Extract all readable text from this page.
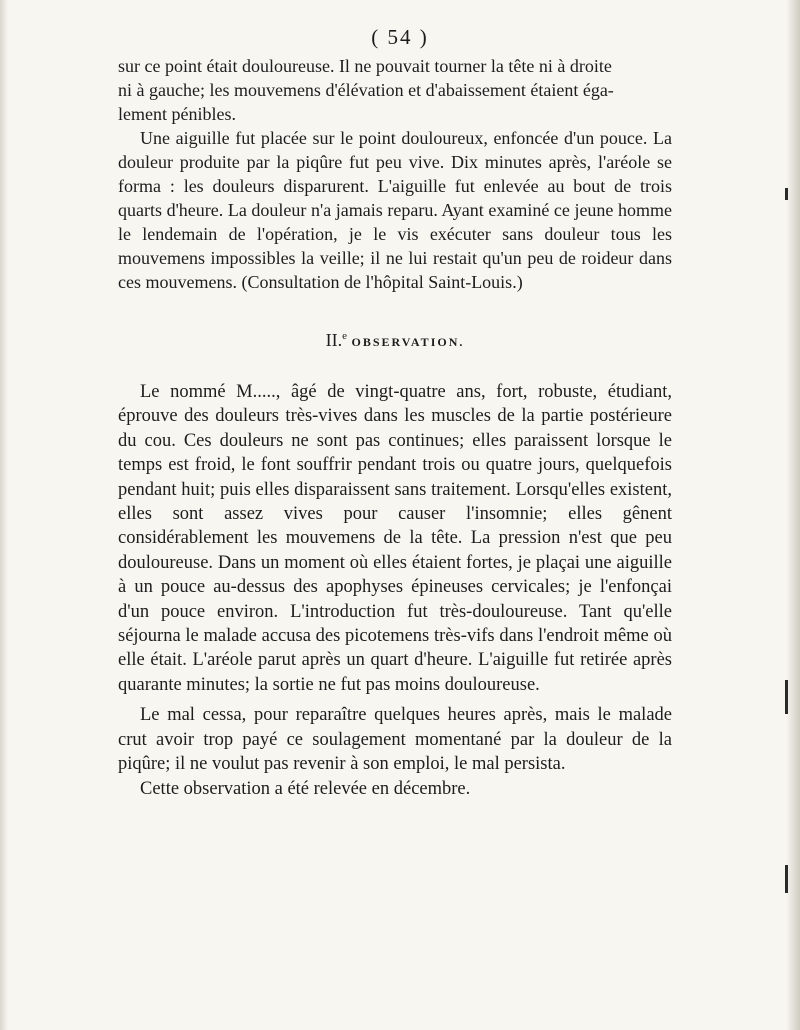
( 54 )

sur ce point était douloureuse. Il ne pouvait tourner la tête ni à droite

ni à gauche; les mouvemens d'élévation et d'abaissement étaient éga-

lement pénibles.

Une aiguille fut placée sur le point douloureux, enfoncée d'un pouce. La douleur produite par la piqûre fut peu vive. Dix minutes après, l'aréole se forma : les douleurs disparurent. L'aiguille fut enlevée au bout de trois quarts d'heure. La douleur n'a jamais reparu. Ayant examiné ce jeune homme le lendemain de l'opération, je le vis exécuter sans douleur tous les mouvemens impossibles la veille; il ne lui restait qu'un peu de roideur dans ces mouvemens. (Consultation de l'hôpital Saint-Louis.)

II.$^e$ OBSERVATION.

Le nommé M....., âgé de vingt-quatre ans, fort, robuste, étudiant, éprouve des douleurs très-vives dans les muscles de la partie postérieure du cou. Ces douleurs ne sont pas continues; elles paraissent lorsque le temps est froid, le font souffrir pendant trois ou quatre jours, quelquefois pendant huit; puis elles disparaissent sans traitement. Lorsqu'elles existent, elles sont assez vives pour causer l'insomnie; elles gênent considérablement les mouvemens de la tête. La pression n'est que peu douloureuse. Dans un moment où elles étaient fortes, je plaçai une aiguille à un pouce au-dessus des apophyses épineuses cervicales; je l'enfonçai d'un pouce environ. L'introduction fut très-douloureuse. Tant qu'elle séjourna le malade accusa des picotemens très-vifs dans l'endroit même où elle était. L'aréole parut après un quart d'heure. L'aiguille fut retirée après quarante minutes; la sortie ne fut pas moins douloureuse.

Le mal cessa, pour reparaître quelques heures après, mais le malade crut avoir trop payé ce soulagement momentané par la douleur de la piqûre; il ne voulut pas revenir à son emploi, le mal persista.

Cette observation a été relevée en décembre.
